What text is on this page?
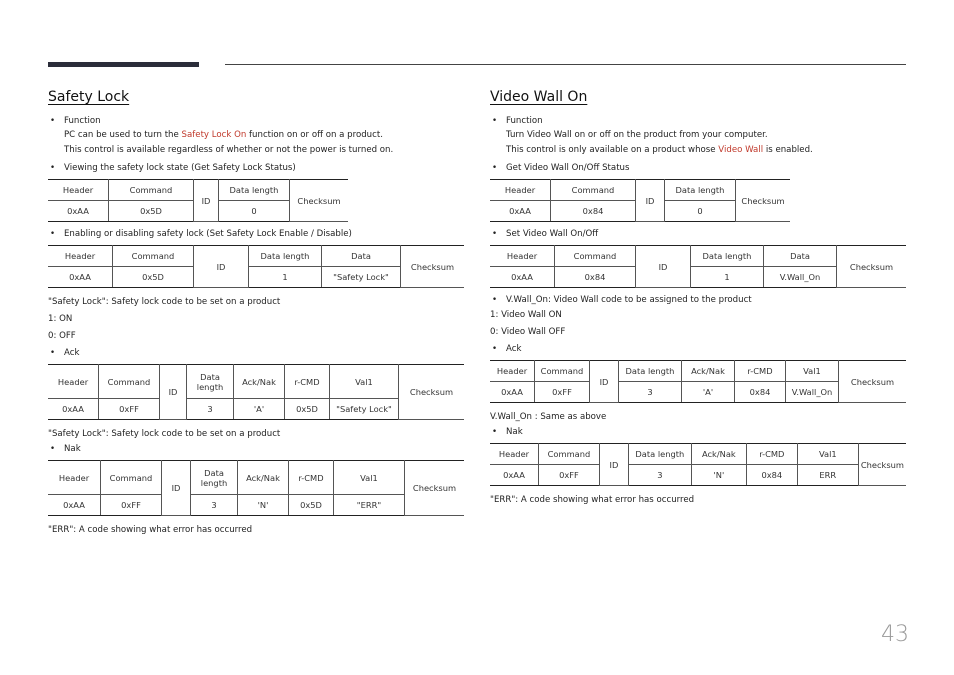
Safety Lock

• Function

PC can be used to turn the Safety Lock On function on or off on a product.
This control is available regardless of whether or not the power is turned on.

• Viewing the safety lock state (Get Safety Lock Status)

Header	Command	ID	Data length	Checksum
0xAA	0x5D		0	

• Enabling or disabling safety lock (Set Safety Lock Enable / Disable)

Header	Command	ID	Data length	Data	Checksum
0xAA	0x5D		1	"Safety Lock"	
"Safety Lock": Safety lock code to be set on a product
1: ON
0: OFF

• Ack

Header	Command	ID	Data length	Ack/Nak	r-CMD	Val1	Checksum
0xAA	0xFF		3	'A'	0x5D	"Safety Lock"	
"Safety Lock": Safety lock code to be set on a product

• Nak

Header	Command	ID	Data length	Ack/Nak	r-CMD	Val1	Checksum
0xAA	0xFF		3	'N'	0x5D	"ERR"	
"ERR": A code showing what error has occurred
Video Wall On

• Function

Turn Video Wall on or off on the product from your computer.
This control is only available on a product whose Video Wall is enabled.

• Get Video Wall On/Off Status

Header	Command	ID	Data length	Checksum
0xAA	0x84		0	

• Set Video Wall On/Off

Header	Command	ID	Data length	Data	Checksum
0xAA	0x84		1	V.Wall_On	

• V.Wall_On: Video Wall code to be assigned to the product

1: Video Wall ON
0: Video Wall OFF

• Ack

Header	Command	ID	Data length	Ack/Nak	r-CMD	Val1	Checksum
0xAA	0xFF		3	'A'	0x84	V.Wall_On	
V.Wall_On : Same as above

• Nak

Header	Command	ID	Data length	Ack/Nak	r-CMD	Val1	Checksum
0xAA	0xFF		3	'N'	0x84	ERR	
"ERR": A code showing what error has occurred
43
